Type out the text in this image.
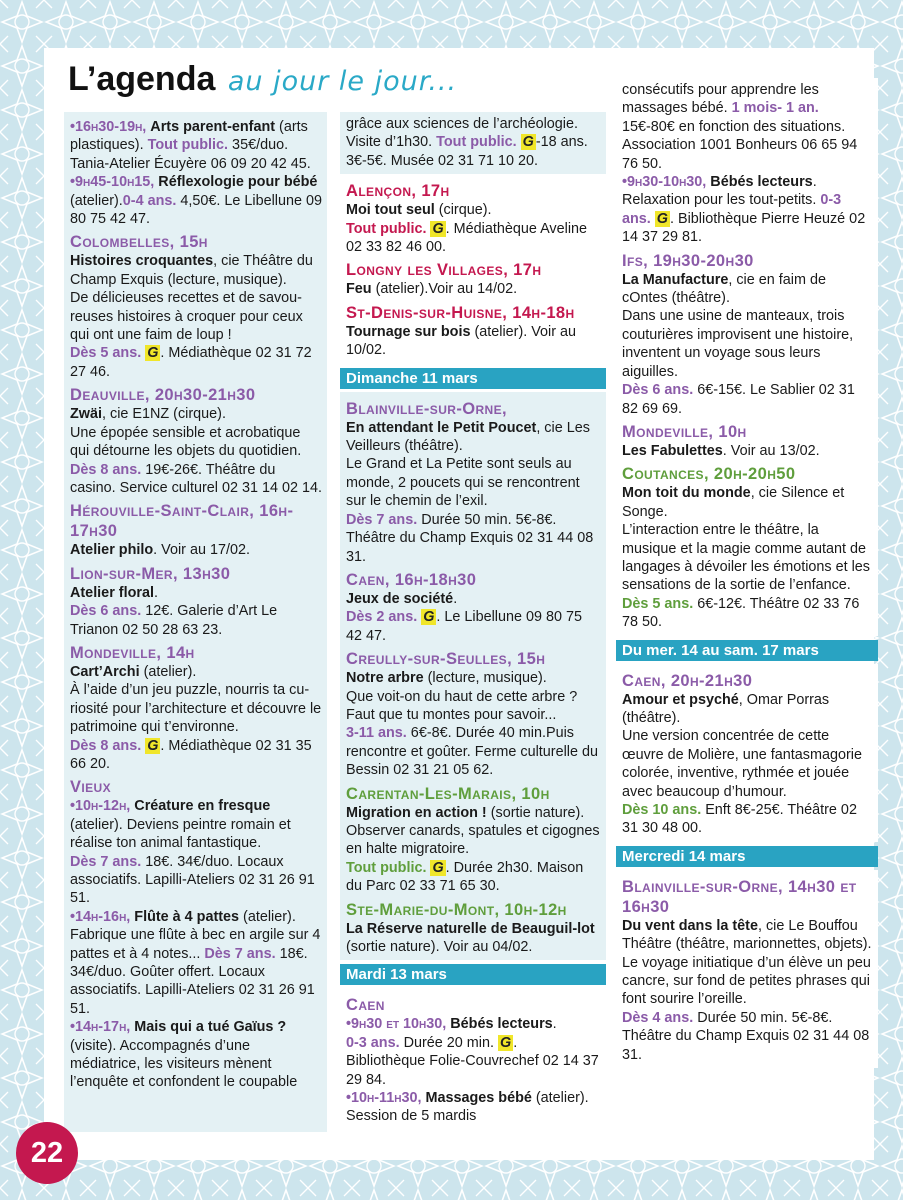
L’agenda au jour le jour...

•16h30-19h, Arts parent-enfant (arts plastiques). Tout public. 35€/duo. Tania-Atelier Écuyère 06 09 20 42 45.

•9h45-10h15, Réflexologie pour bébé (atelier).0-4 ans. 4,50€. Le Libellune 09 80 75 42 47.

Colombelles, 15h

Histoires croquantes, cie Théâtre du Champ Exquis (lecture, musique).
De délicieuses recettes et de savou-reuses histoires à croquer pour ceux qui ont une faim de loup !
Dès 5 ans. G . Médiathèque 02 31 72 27 46.

Deauville, 20h30-21h30

Zwäi, cie E1NZ (cirque).
Une épopée sensible et acrobatique qui détourne les objets du quotidien.
Dès 8 ans. 19€-26€. Théâtre du casino. Service culturel 02 31 14 02 14.

Hérouville-Saint-Clair, 16h-17h30

Atelier philo. Voir au 17/02.

Lion-sur-Mer, 13h30

Atelier floral.
Dès 6 ans. 12€. Galerie d’Art Le Trianon 02 50 28 63 23.

Mondeville, 14h

Cart’Archi (atelier).
À l’aide d’un jeu puzzle, nourris ta cu-riosité pour l’architecture et découvre le patrimoine qui t’environne.
Dès 8 ans. G . Médiathèque 02 31 35 66 20.

Vieux

•10h-12h, Créature en fresque (atelier). Deviens peintre romain et réalise ton animal fantastique.
Dès 7 ans. 18€. 34€/duo. Locaux associatifs. Lapilli-Ateliers 02 31 26 91 51.

•14h-16h, Flûte à 4 pattes (atelier). Fabrique une flûte à bec en argile sur 4 pattes et à 4 notes... Dès 7 ans. 18€. 34€/duo. Goûter offert. Locaux associatifs. Lapilli-Ateliers 02 31 26 91 51.

•14h-17h, Mais qui a tué Gaïus ? (visite). Accompagnés d’une médiatrice, les visiteurs mènent l’enquête et confondent le coupable

grâce aux sciences de l’archéologie. Visite d’1h30. Tout public. G -18 ans. 3€-5€. Musée 02 31 71 10 20.

Alençon, 17h

Moi tout seul (cirque).
Tout public. G . Médiathèque Aveline 02 33 82 46 00.

Longny les Villages, 17h

Feu (atelier).Voir au 14/02.

St-Denis-sur-Huisne, 14h-18h

Tournage sur bois (atelier). Voir au 10/02.

Dimanche 11 mars
Blainville-sur-Orne,

En attendant le Petit Poucet, cie Les Veilleurs (théâtre).
Le Grand et La Petite sont seuls au monde, 2 poucets qui se rencontrent sur le chemin de l’exil.
Dès 7 ans. Durée 50 min. 5€-8€. Théâtre du Champ Exquis 02 31 44 08 31.

Caen, 16h-18h30

Jeux de société.
Dès 2 ans. G . Le Libellune 09 80 75 42 47.

Creully-sur-Seulles, 15h

Notre arbre (lecture, musique).
Que voit-on du haut de cette arbre ? Faut que tu montes pour savoir...
3-11 ans. 6€-8€. Durée 40 min.Puis rencontre et goûter. Ferme culturelle du Bessin 02 31 21 05 62.

Carentan-Les-Marais, 10h

Migration en action ! (sortie nature).
Observer canards, spatules et cigognes en halte migratoire.
Tout public. G . Durée 2h30. Maison du Parc 02 33 71 65 30.

Ste-Marie-du-Mont, 10h-12h

La Réserve naturelle de Beauguil-lot (sortie nature). Voir au 04/02.

Mardi 13 mars
Caen

•9h30 et 10h30, Bébés lecteurs.
0-3 ans. Durée 20 min. G . Bibliothèque Folie-Couvrechef 02 14 37 29 84.

•10h-11h30, Massages bébé (atelier). Session de 5 mardis

consécutifs pour apprendre les massages bébé. 1 mois- 1 an. 15€-80€ en fonction des situations. Association 1001 Bonheurs 06 65 94 76 50.

•9h30-10h30, Bébés lecteurs. Relaxation pour les tout-petits. 0-3 ans. G . Bibliothèque Pierre Heuzé 02 14 37 29 81.

Ifs, 19h30-20h30

La Manufacture, cie en faim de cOntes (théâtre).
Dans une usine de manteaux, trois couturières improvisent une histoire, inventent un voyage sous leurs aiguilles.
Dès 6 ans. 6€-15€. Le Sablier 02 31 82 69 69.

Mondeville, 10h

Les Fabulettes. Voir au 13/02.

Coutances, 20h-20h50

Mon toit du monde, cie Silence et Songe.
L’interaction entre le théâtre, la musique et la magie comme autant de langages à dévoiler les émotions et les sensations de la sortie de l’enfance.
Dès 5 ans. 6€-12€. Théâtre 02 33 76 78 50.

Du mer. 14 au sam. 17 mars
Caen, 20h-21h30

Amour et psyché, Omar Porras (théâtre).
Une version concentrée de cette œuvre de Molière, une fantasmagorie colorée, inventive, rythmée et jouée avec beaucoup d’humour.
Dès 10 ans. Enft 8€-25€. Théâtre 02 31 30 48 00.

Mercredi 14 mars
Blainville-sur-Orne, 14h30 et 16h30

Du vent dans la tête, cie Le Bouffou Théâtre (théâtre, marionnettes, objets).
Le voyage initiatique d’un élève un peu cancre, sur fond de petites phrases qui font sourire l’oreille.
Dès 4 ans. Durée 50 min. 5€-8€. Théâtre du Champ Exquis 02 31 44 08 31.

22
